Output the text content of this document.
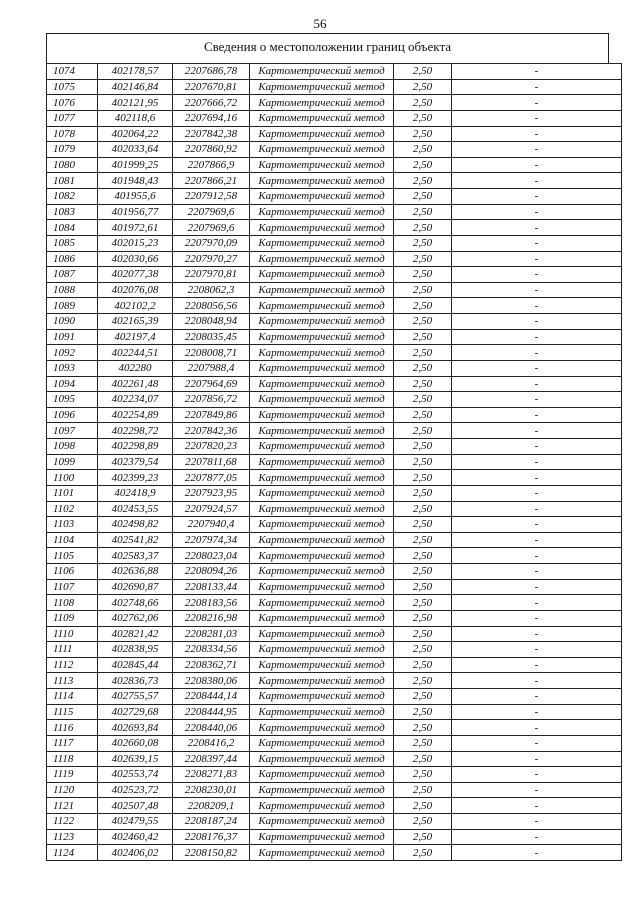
56
Сведения о местоположении границ объекта
1074	402178,57	2207686,78	Картометрический метод	2,50	-
1075	402146,84	2207670,81	Картометрический метод	2,50	-
1076	402121,95	2207666,72	Картометрический метод	2,50	-
1077	402118,6	2207694,16	Картометрический метод	2,50	-
1078	402064,22	2207842,38	Картометрический метод	2,50	-
1079	402033,64	2207860,92	Картометрический метод	2,50	-
1080	401999,25	2207866,9	Картометрический метод	2,50	-
1081	401948,43	2207866,21	Картометрический метод	2,50	-
1082	401955,6	2207912,58	Картометрический метод	2,50	-
1083	401956,77	2207969,6	Картометрический метод	2,50	-
1084	401972,61	2207969,6	Картометрический метод	2,50	-
1085	402015,23	2207970,09	Картометрический метод	2,50	-
1086	402030,66	2207970,27	Картометрический метод	2,50	-
1087	402077,38	2207970,81	Картометрический метод	2,50	-
1088	402076,08	2208062,3	Картометрический метод	2,50	-
1089	402102,2	2208056,56	Картометрический метод	2,50	-
1090	402165,39	2208048,94	Картометрический метод	2,50	-
1091	402197,4	2208035,45	Картометрический метод	2,50	-
1092	402244,51	2208008,71	Картометрический метод	2,50	-
1093	402280	2207988,4	Картометрический метод	2,50	-
1094	402261,48	2207964,69	Картометрический метод	2,50	-
1095	402234,07	2207856,72	Картометрический метод	2,50	-
1096	402254,89	2207849,86	Картометрический метод	2,50	-
1097	402298,72	2207842,36	Картометрический метод	2,50	-
1098	402298,89	2207820,23	Картометрический метод	2,50	-
1099	402379,54	2207811,68	Картометрический метод	2,50	-
1100	402399,23	2207877,05	Картометрический метод	2,50	-
1101	402418,9	2207923,95	Картометрический метод	2,50	-
1102	402453,55	2207924,57	Картометрический метод	2,50	-
1103	402498,82	2207940,4	Картометрический метод	2,50	-
1104	402541,82	2207974,34	Картометрический метод	2,50	-
1105	402583,37	2208023,04	Картометрический метод	2,50	-
1106	402636,88	2208094,26	Картометрический метод	2,50	-
1107	402690,87	2208133,44	Картометрический метод	2,50	-
1108	402748,66	2208183,56	Картометрический метод	2,50	-
1109	402762,06	2208216,98	Картометрический метод	2,50	-
1110	402821,42	2208281,03	Картометрический метод	2,50	-
1111	402838,95	2208334,56	Картометрический метод	2,50	-
1112	402845,44	2208362,71	Картометрический метод	2,50	-
1113	402836,73	2208380,06	Картометрический метод	2,50	-
1114	402755,57	2208444,14	Картометрический метод	2,50	-
1115	402729,68	2208444,95	Картометрический метод	2,50	-
1116	402693,84	2208440,06	Картометрический метод	2,50	-
1117	402660,08	2208416,2	Картометрический метод	2,50	-
1118	402639,15	2208397,44	Картометрический метод	2,50	-
1119	402553,74	2208271,83	Картометрический метод	2,50	-
1120	402523,72	2208230,01	Картометрический метод	2,50	-
1121	402507,48	2208209,1	Картометрический метод	2,50	-
1122	402479,55	2208187,24	Картометрический метод	2,50	-
1123	402460,42	2208176,37	Картометрический метод	2,50	-
1124	402406,02	2208150,82	Картометрический метод	2,50	-
